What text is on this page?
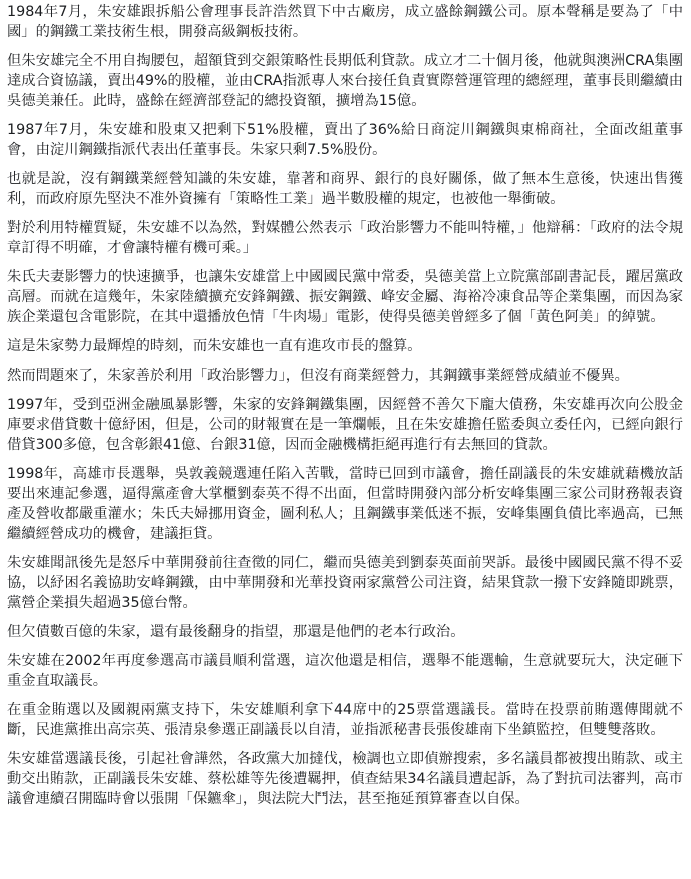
1984年7月，朱安雄跟拆船公會理事長許浩然買下中古廠房，成立盛餘鋼鐵公司。原本聲稱是要為了「中國」的鋼鐵工業技術生根，開發高級鋼板技術。

但朱安雄完全不用自掏腰包，超額貸到交銀策略性長期低利貸款。成立才二十個月後，他就與澳洲CRA集團達成合資協議，賣出49%的股權，並由CRA指派專人來台接任負責實際營運管理的總經理，董事長則繼續由吳德美兼任。此時，盛餘在經濟部登記的總投資額，擴增為15億。

1987年7月，朱安雄和股東又把剩下51%股權，賣出了36%給日商淀川鋼鐵與東棉商社，全面改組董事會，由淀川鋼鐵指派代表出任董事長。朱家只剩7.5%股份。

也就是說，沒有鋼鐵業經營知識的朱安雄，靠著和商界、銀行的良好關係，做了無本生意後，快速出售獲利，而政府原先堅決不准外資擁有「策略性工業」過半數股權的規定，也被他一舉衝破。

對於利用特權質疑，朱安雄不以為然，對媒體公然表示「政治影響力不能叫特權，」他辯稱：「政府的法令規章訂得不明確，才會讓特權有機可乘。」

朱氏夫妻影響力的快速擴爭，也讓朱安雄當上中國國民黨中常委，吳德美當上立院黨部副書記長，躍居黨政高層。而就在這幾年，朱家陸續擴充安鋒鋼鐵、振安鋼鐵、峰安金屬、海裕冷凍食品等企業集團，而因為家族企業還包含電影院，在其中還播放色情「牛肉場」電影，使得吳德美曾經多了個「黃色阿美」的綽號。

這是朱家勢力最輝煌的時刻，而朱安雄也一直有進攻市長的盤算。

然而問題來了，朱家善於利用「政治影響力」，但沒有商業經營力，其鋼鐵事業經營成績並不優異。

1997年，受到亞洲金融風暴影響，朱家的安鋒鋼鐵集團，因經營不善欠下龐大債務，朱安雄再次向公股金庫要求借貸數十億紓困，但是，公司的財報實在是一筆爛帳，且在朱安雄擔任監委與立委任內，已經向銀行借貸300多億，包含彰銀41億、台銀31億，因而金融機構拒絕再進行有去無回的貸款。

1998年，高雄市長選舉，吳敦義競選連任陷入苦戰，當時已回到市議會，擔任副議長的朱安雄就藉機放話要出來連記參選，逼得黨產會大掌櫃劉泰英不得不出面，但當時開發內部分析安峰集團三家公司財務報表資產及營收都嚴重灌水；朱氏夫婦挪用資金，圖利私人；且鋼鐵事業低迷不振，安峰集團負債比率過高，已無繼續經營成功的機會，建議拒貸。

朱安雄聞訊後先是怒斥中華開發前往查徵的同仁，繼而吳德美到劉泰英面前哭訴。最後中國國民黨不得不妥協，以紓困名義協助安峰鋼鐵，由中華開發和光華投資兩家黨營公司注資，結果貸款一撥下安鋒隨即跳票，黨營企業損失超過35億台幣。

但欠債數百億的朱家，還有最後翻身的指望，那還是他們的老本行政治。

朱安雄在2002年再度參選高市議員順利當選，這次他還是相信，選舉不能選輸，生意就要玩大，決定砸下重金直取議長。

在重金賄選以及國親兩黨支持下，朱安雄順利拿下44席中的25票當選議長。當時在投票前賄選傳聞就不斷，民進黨推出高宗英、張清泉參選正副議長以自清，並指派秘書長張俊雄南下坐鎮監控，但雙雙落敗。

朱安雄當選議長後，引起社會譁然，各政黨大加撻伐，檢調也立即偵辦搜索，多名議員都被搜出賄款、或主動交出賄款，正副議長朱安雄、蔡松雄等先後遭羈押，偵查結果34名議員遭起訴，為了對抗司法審判，高市議會連續召開臨時會以張開「保鑣傘」，與法院大鬥法，甚至拖延預算審查以自保。
